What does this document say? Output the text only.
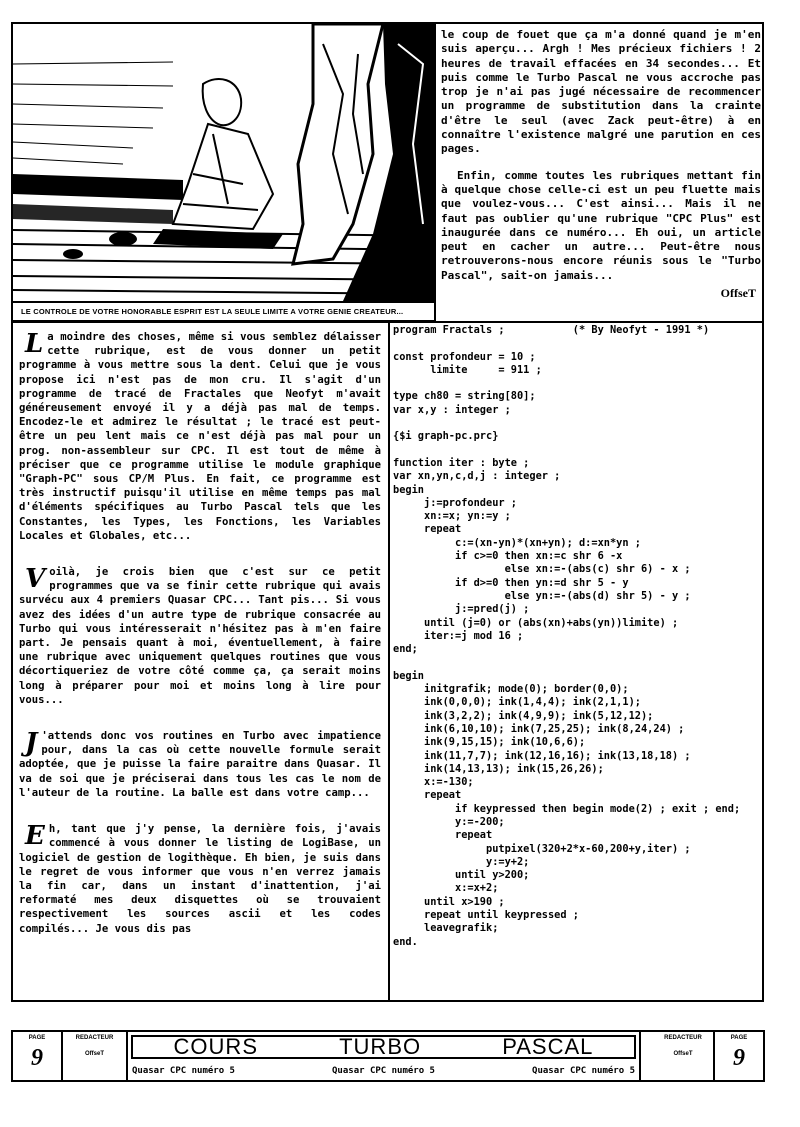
LE CONTROLE DE VOTRE HONORABLE ESPRIT EST LA SEULE LIMITE A VOTRE GENIE CREATEUR...

le coup de fouet que ça m'a donné quand je m'en suis aperçu... Argh ! Mes précieux fichiers ! 2 heures de travail effacées en 34 secondes... Et puis comme le Turbo Pascal ne vous accroche pas trop je n'ai pas jugé nécessaire de recommencer un programme de substitution dans la crainte d'être le seul (avec Zack peut-être) à en connaître l'existence malgré une parution en ces pages.

Enfin, comme toutes les rubriques mettant fin à quelque chose celle-ci est un peu fluette mais que voulez-vous... C'est ainsi... Mais il ne faut pas oublier qu'une rubrique "CPC Plus" est inaugurée dans ce numéro... Eh oui, un article peut en cacher un autre... Peut-être nous retrouverons-nous encore réunis sous le "Turbo Pascal", sait-on jamais...

OffseT

L a moindre des choses, même si vous semblez délaisser cette rubrique, est de vous donner un petit programme à vous mettre sous la dent. Celui que je vous propose ici n'est pas de mon cru. Il s'agit d'un programme de tracé de Fractales que Neofyt m'avait généreusement envoyé il y a déjà pas mal de temps. Encodez-le et admirez le résultat ; le tracé est peut-être un peu lent mais ce n'est déjà pas mal pour un prog. non-assembleur sur CPC. Il est tout de même à préciser que ce programme utilise le module graphique "Graph-PC" sous CP/M Plus. En fait, ce programme est très instructif puisqu'il utilise en même temps pas mal d'éléments spécifiques au Turbo Pascal tels que les Constantes, les Types, les Fonctions, les Variables Locales et Globales, etc...

V oilà, je crois bien que c'est sur ce petit programmes que va se finir cette rubrique qui avais survécu aux 4 premiers Quasar CPC... Tant pis... Si vous avez des idées d'un autre type de rubrique consacrée au Turbo qui vous intéresserait n'hésitez pas à m'en faire part. Je pensais quant à moi, éventuellement, à faire une rubrique avec uniquement quelques routines que vous décortiqueriez de votre côté comme ça, ça serait moins long à préparer pour moi et moins long à lire pour vous...

J 'attends donc vos routines en Turbo avec impatience pour, dans la cas où cette nouvelle formule serait adoptée, que je puisse la faire paraitre dans Quasar. Il va de soi que je préciserai dans tous les cas le nom de l'auteur de la routine. La balle est dans votre camp...

E h, tant que j'y pense, la dernière fois, j'avais commencé à vous donner le listing de LogiBase, un logiciel de gestion de logithèque. Eh bien, je suis dans le regret de vous informer que vous n'en verrez jamais la fin car, dans un instant d'inattention, j'ai reformaté mes deux disquettes où se trouvaient respectivement les sources ascii et les codes compilés... Je vous dis pas

program Fractals ;           (* By Neofyt - 1991 *)

const profondeur = 10 ;
limite     = 911 ;

type ch80 = string[80];
var x,y : integer ;

{$i graph-pc.prc}

function iter : byte ;
var xn,yn,c,d,j : integer ;
begin
j:=profondeur ;
xn:=x; yn:=y ;
repeat
c:=(xn-yn)*(xn+yn); d:=xn*yn ;
if c>=0 then xn:=c shr 6 -x
else xn:=-(abs(c) shr 6) - x ;
if d>=0 then yn:=d shr 5 - y
else yn:=-(abs(d) shr 5) - y ;
j:=pred(j) ;
until (j=0) or (abs(xn)+abs(yn))limite) ;
iter:=j mod 16 ;
end;

begin
initgrafik; mode(0); border(0,0);
ink(0,0,0); ink(1,4,4); ink(2,1,1);
ink(3,2,2); ink(4,9,9); ink(5,12,12);
ink(6,10,10); ink(7,25,25); ink(8,24,24) ;
ink(9,15,15); ink(10,6,6);
ink(11,7,7); ink(12,16,16); ink(13,18,18) ;
ink(14,13,13); ink(15,26,26);
x:=-130;
repeat
if keypressed then begin mode(2) ; exit ; end;
y:=-200;
repeat
putpixel(320+2*x-60,200+y,iter) ;
y:=y+2;
until y>200;
x:=x+2;
until x>190 ;
repeat until keypressed ;
leavegrafik;
end.
PAGE
9
REDACTEUR
OffseT	COURS	TURBO	PASCAL
Quasar CPC numéro 5	Quasar CPC numéro 5	Quasar CPC numéro 5
REDACTEUR
OffseT
PAGE
9
